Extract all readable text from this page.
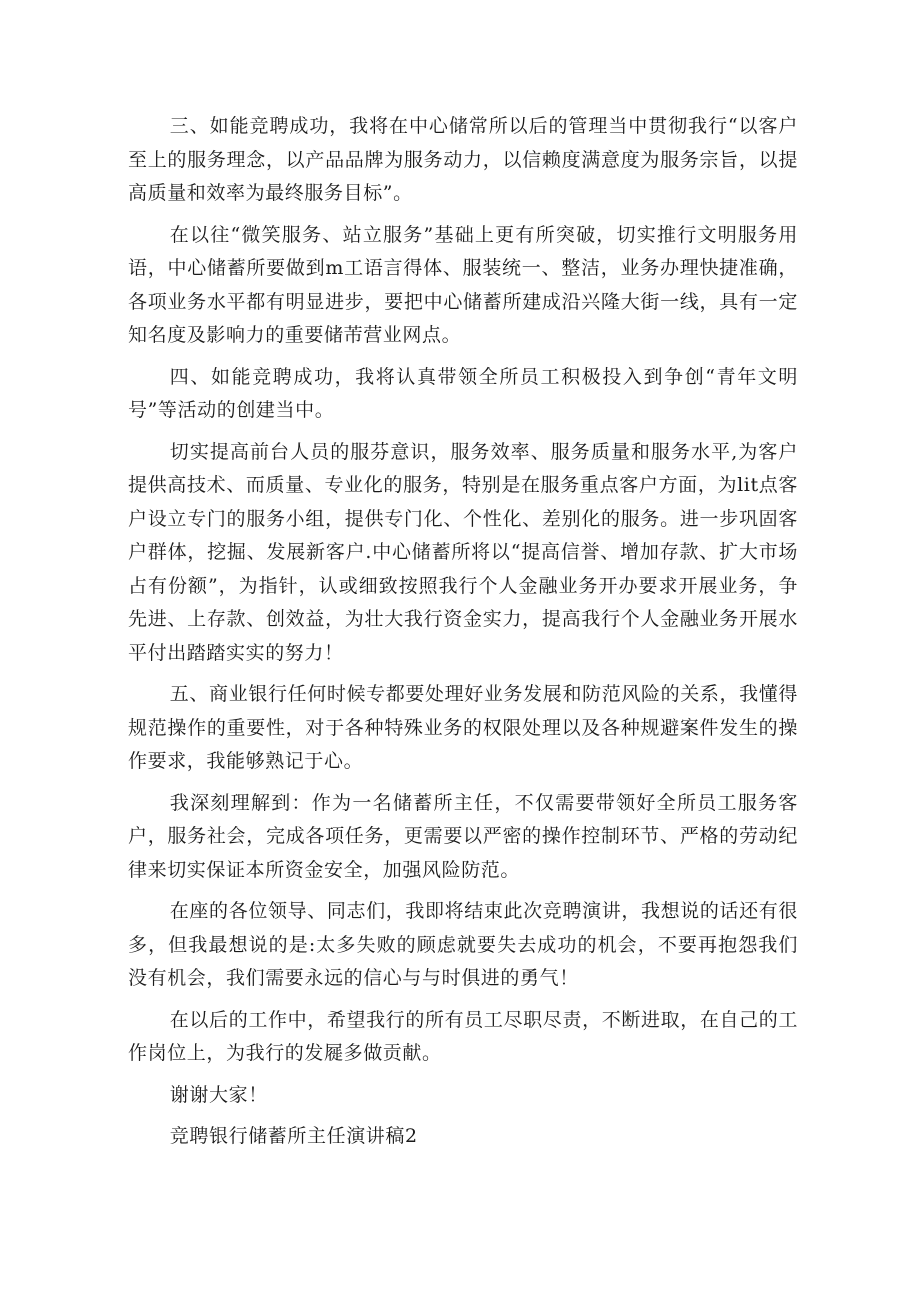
三、如能竞聘成功，我将在中心储常所以后的管理当中贯彻我行“以客户至上的服务理念，以产品品牌为服务动力，以信赖度满意度为服务宗旨，以提高质量和效率为最终服务目标”。

在以往“微笑服务、站立服务”基础上更有所突破，切实推行文明服务用语，中心储蓄所要做到m工语言得体、服装统一、整洁，业务办理快捷准确，各项业务水平都有明显进步，要把中心储蓄所建成沿兴隆大街一线，具有一定知名度及影响力的重要储芾营业网点。

四、如能竞聘成功，我将认真带领全所员工积极投入到争创“青年文明号”等活动的创建当中。

切实提高前台人员的服芬意识，服务效率、服务质量和服务水平,为客户提供高技术、而质量、专业化的服务，特别是在服务重点客户方面，为lit点客户设立专门的服务小组，提供专门化、个性化、差别化的服务。进一步巩固客户群体，挖掘、发展新客户.中心储蓄所将以“提高信誉、增加存款、扩大市场占有份额”，为指针，认或细致按照我行个人金融业务开办要求开展业务，争先进、上存款、创效益，为壮大我行资金实力，提高我行个人金融业务开展水平付出踏踏实实的努力！

五、商业银行任何时候专都要处理好业务发展和防范风险的关系，我懂得规范操作的重要性，对于各种特殊业务的权限处理以及各种规避案件发生的操作要求，我能够熟记于心。

我深刻理解到：作为一名储蓄所主任，不仅需要带领好全所员工服务客户，服务社会，完成各项任务，更需要以严密的操作控制环节、严格的劳动纪律来切实保证本所资金安全，加强风险防范。

在座的各位领导、同志们，我即将结束此次竞聘演讲，我想说的话还有很多，但我最想说的是:太多失败的顾虑就要失去成功的机会，不要再抱怨我们没有机会，我们需要永远的信心与与时俱进的勇气！

在以后的工作中，希望我行的所有员工尽职尽责，不断进取，在自己的工作岗位上，为我行的发屣多做贡献。

谢谢大家！

竞聘银行储蓄所主任演讲稿2
